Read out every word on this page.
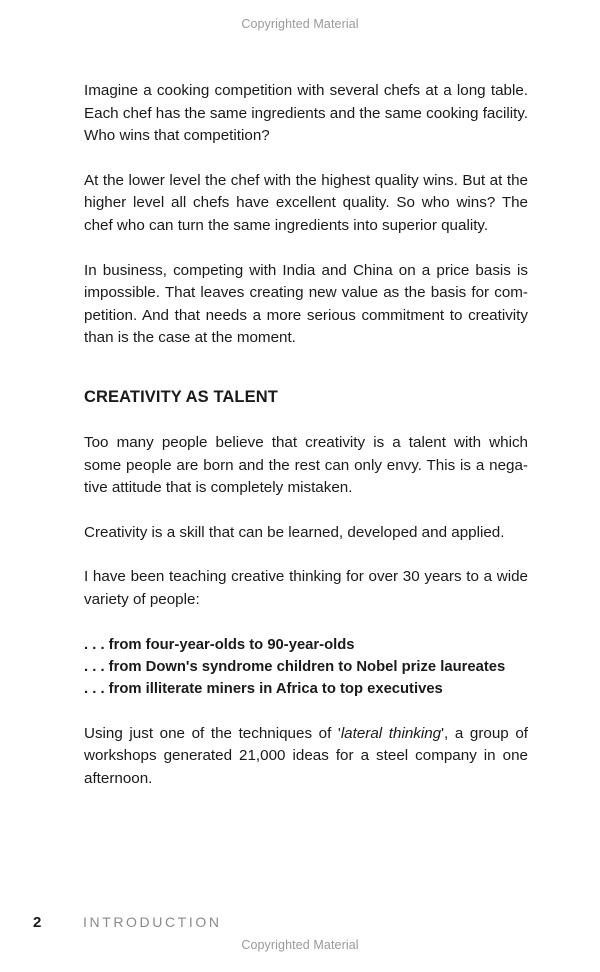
Copyrighted Material

Imagine a cooking competition with several chefs at a long table. Each chef has the same ingredients and the same cooking facility. Who wins that competition?

At the lower level the chef with the highest quality wins. But at the higher level all chefs have excellent quality. So who wins? The chef who can turn the same ingredients into superior quality.

In business, competing with India and China on a price basis is impossible. That leaves creating new value as the basis for com-petition. And that needs a more serious commitment to creativity than is the case at the moment.

CREATIVITY AS TALENT

Too many people believe that creativity is a talent with which some people are born and the rest can only envy. This is a nega-tive attitude that is completely mistaken.

Creativity is a skill that can be learned, developed and applied.

I have been teaching creative thinking for over 30 years to a wide variety of people:

. . . from four-year-olds to 90-year-olds
. . . from Down's syndrome children to Nobel prize laureates
. . . from illiterate miners in Africa to top executives

Using just one of the techniques of 'lateral thinking', a group of workshops generated 21,000 ideas for a steel company in one afternoon.

2	INTRODUCTION
Copyrighted Material
